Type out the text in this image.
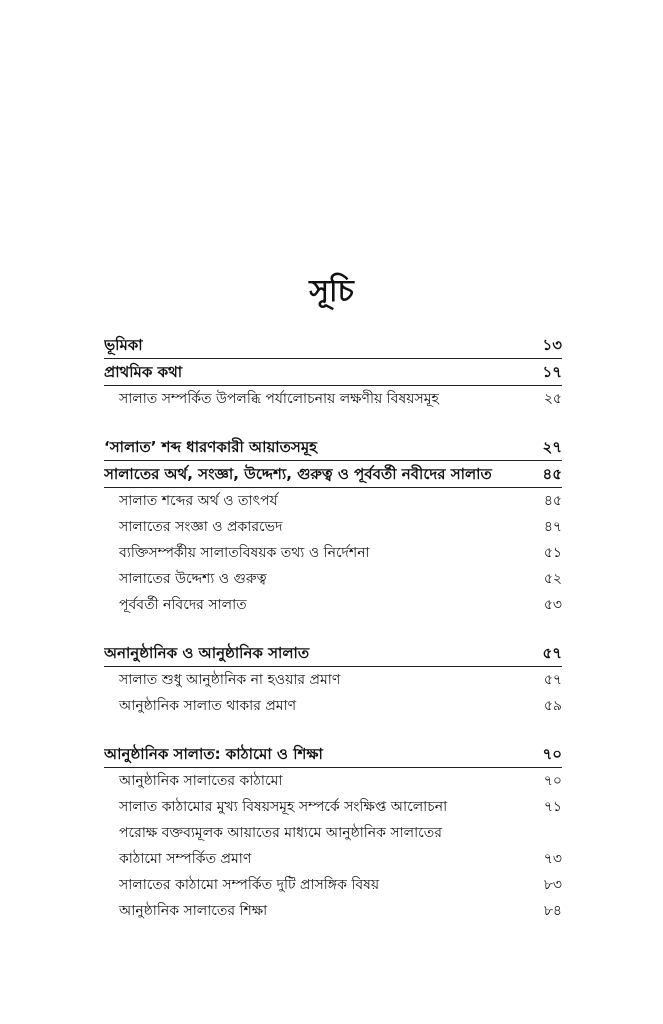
সূচি
ভূমিকা	১৩
প্রাথমিক কথা	১৭
সালাত সম্পর্কিত উপলব্ধি পর্যালোচনায় লক্ষণীয় বিষয়সমূহ	২৫
‘সালাত’ শব্দ ধারণকারী আয়াতসমূহ	২৭
সালাতের অর্থ, সংজ্ঞা, উদ্দেশ্য, গুরুত্ব ও পূর্ববর্তী নবীদের সালাত	৪৫
সালাত শব্দের অর্থ ও তাৎপর্য	৪৫
সালাতের সংজ্ঞা ও প্রকারভেদ	৪৭
ব্যক্তিসম্পর্কীয় সালাতবিষয়ক তথ্য ও নির্দেশনা	৫১
সালাতের উদ্দেশ্য ও গুরুত্ব	৫২
পূর্ববর্তী নবিদের সালাত	৫৩
অনানুষ্ঠানিক ও আনুষ্ঠানিক সালাত	৫৭
সালাত শুধু আনুষ্ঠানিক না হওয়ার প্রমাণ	৫৭
আনুষ্ঠানিক সালাত থাকার প্রমাণ	৫৯
আনুষ্ঠানিক সালাত: কাঠামো ও শিক্ষা	৭০
আনুষ্ঠানিক সালাতের কাঠামো	৭০
সালাত কাঠামোর মুখ্য বিষয়সমূহ সম্পর্কে সংক্ষিপ্ত আলোচনা	৭১
পরোক্ষ বক্তব্যমূলক আয়াতের মাধ্যমে আনুষ্ঠানিক সালাতের
কাঠামো সম্পর্কিত প্রমাণ	৭৩
সালাতের কাঠামো সম্পর্কিত দুটি প্রাসঙ্গিক বিষয়	৮৩
আনুষ্ঠানিক সালাতের শিক্ষা	৮৪
